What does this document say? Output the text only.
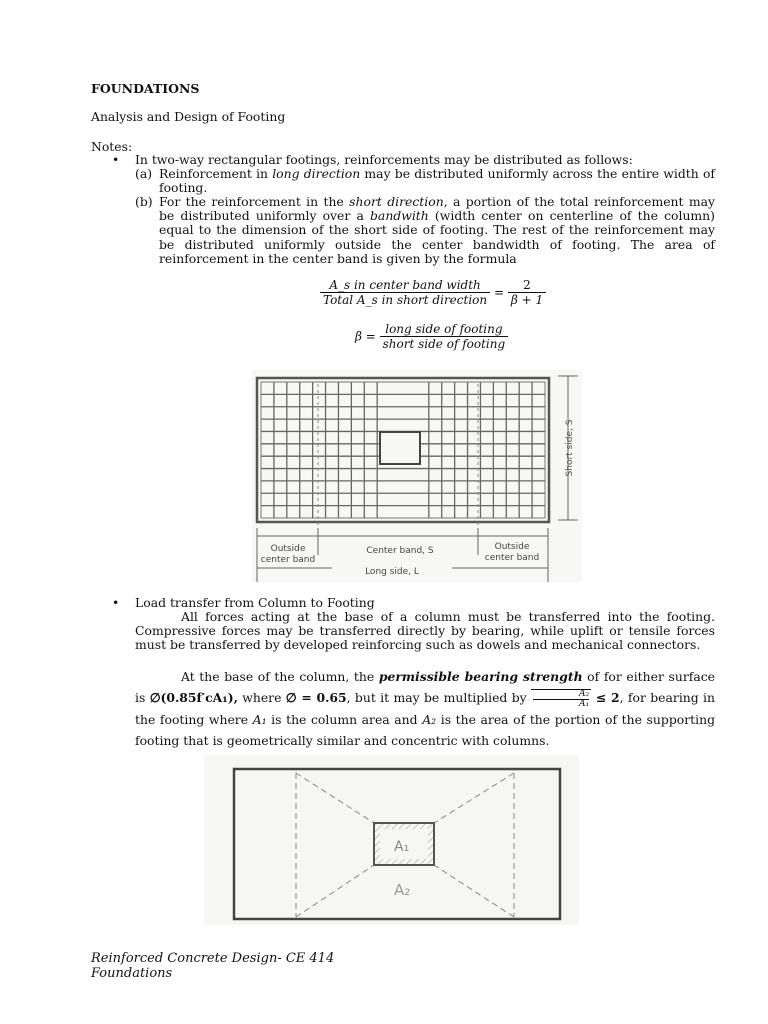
FOUNDATIONS
Analysis and Design of Footing
Notes:
• In two-way rectangular footings, reinforcements may be distributed as follows:
(a) Reinforcement in long direction may be distributed uniformly across the entire width of footing.
(b) For the reinforcement in the short direction, a portion of the total reinforcement may be distributed uniformly over a bandwith (width center on centerline of the column) equal to the dimension of the short side of footing. The rest of the reinforcement may be distributed uniformly outside the center bandwidth of footing. The area of reinforcement in the center band is given by the formula
$\frac{\text{A\_s in center band width}}{\text{Total A\_s in short direction}} = \frac{2}{\beta + 1}$
$\beta = \frac{\text{long side of footing}}{\text{short side of footing}}$
Short side, S
Outside
center band
Center band, S	Outside
center band
Long side, L
• Load transfer from Column to Footing
All forces acting at the base of a column must be transferred into the footing. Compressive forces may be transferred directly by bearing, while uplift or tensile forces must be transferred by developed reinforcing such as dowels and mechanical connectors.
At the base of the column, the permissible bearing strength of for either surface is ∅(0.85f′cA₁), where ∅ = 0.65, but it may be multiplied by $\frac{\text{A₂}}{\text{A₁}} \le 2$, for bearing in the footing where A₁ is the column area and A₂ is the area of the portion of the supporting footing that is geometrically similar and concentric with columns.
A₁
A₂
Reinforced Concrete Design- CE 414
Foundations
